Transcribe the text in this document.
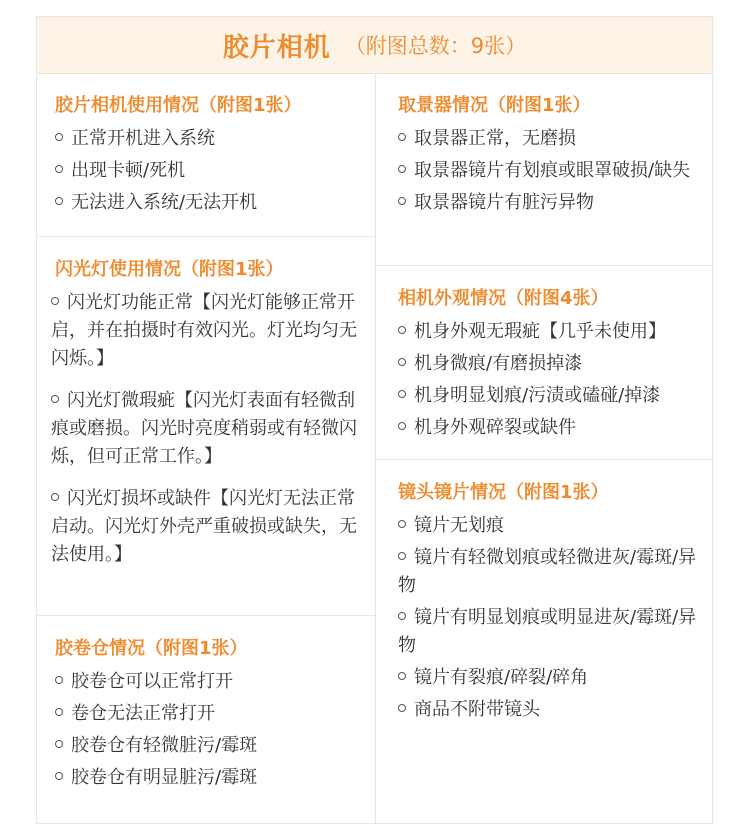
胶片相机 （附图总数：9张）
胶片相机使用情况（附图1张）
正常开机进入系统
出现卡顿/死机
无法进入系统/无法开机
闪光灯使用情况（附图1张）
闪光灯功能正常【闪光灯能够正常开启，并在拍摄时有效闪光。灯光均匀无闪烁。】
闪光灯微瑕疵【闪光灯表面有轻微刮痕或磨损。闪光时亮度稍弱或有轻微闪烁，但可正常工作。】
闪光灯损坏或缺件【闪光灯无法正常启动。闪光灯外壳严重破损或缺失，无法使用。】
胶卷仓情况（附图1张）
胶卷仓可以正常打开
卷仓无法正常打开
胶卷仓有轻微脏污/霉斑
胶卷仓有明显脏污/霉斑
取景器情况（附图1张）
取景器正常，无磨损
取景器镜片有划痕或眼罩破损/缺失
取景器镜片有脏污异物
相机外观情况（附图4张）
机身外观无瑕疵【几乎未使用】
机身微痕/有磨损掉漆
机身明显划痕/污渍或磕碰/掉漆
机身外观碎裂或缺件
镜头镜片情况（附图1张）
镜片无划痕
镜片有轻微划痕或轻微进灰/霉斑/异物
镜片有明显划痕或明显进灰/霉斑/异物
镜片有裂痕/碎裂/碎角
商品不附带镜头
